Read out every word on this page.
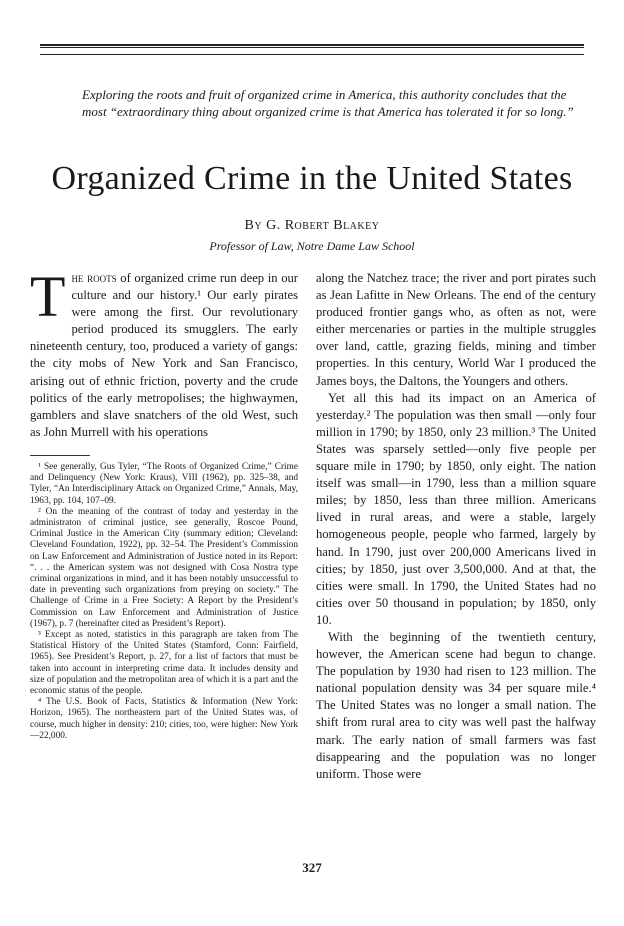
Exploring the roots and fruit of organized crime in America, this authority concludes that the most “extraordinary thing about organized crime is that America has tolerated it for so long.”

Organized Crime in the United States

By G. Robert Blakey

Professor of Law, Notre Dame Law School

The roots of organized crime run deep in our culture and our history.¹ Our early pirates were among the first. Our revolutionary period produced its smugglers. The early nineteenth century, too, produced a variety of gangs: the city mobs of New York and San Francisco, arising out of ethnic friction, poverty and the crude politics of the early metropolises; the highwaymen, gamblers and slave snatchers of the old West, such as John Murrell with his operations

¹ See generally, Gus Tyler, “The Roots of Organized Crime,” Crime and Delinquency (New York: Kraus), VIII (1962), pp. 325–38, and Tyler, “An Interdisciplinary Attack on Organized Crime,” Annals, May, 1963, pp. 104, 107–09.

² On the meaning of the contrast of today and yesterday in the administraton of criminal justice, see generally, Roscoe Pound, Criminal Justice in the American City (summary edition; Cleveland: Cleveland Foundation, 1922), pp. 32–54. The President’s Commission on Law Enforcement and Administration of Justice noted in its Report: “. . . the American system was not designed with Cosa Nostra type criminal organizations in mind, and it has been notably unsuccessful to date in preventing such organizations from preying on society.” The Challenge of Crime in a Free Society: A Report by the President’s Commission on Law Enforcement and Administration of Justice (1967), p. 7 (hereinafter cited as President’s Report).

³ Except as noted, statistics in this paragraph are taken from The Statistical History of the United States (Stamford, Conn: Fairfield, 1965). See President’s Report, p. 27, for a list of factors that must be taken into account in interpreting crime data. It includes density and size of population and the metropolitan area of which it is a part and the economic status of the people.

⁴ The U.S. Book of Facts, Statistics & Information (New York: Horizon, 1965). The northeastern part of the United States was, of course, much higher in density: 210; cities, too, were higher: New York—22,000.

along the Natchez trace; the river and port pirates such as Jean Lafitte in New Orleans. The end of the century produced frontier gangs who, as often as not, were either mercenaries or parties in the multiple struggles over land, cattle, grazing fields, mining and timber properties. In this century, World War I produced the James boys, the Daltons, the Youngers and others.

Yet all this had its impact on an America of yesterday.² The population was then small —only four million in 1790; by 1850, only 23 million.³ The United States was sparsely settled—only five people per square mile in 1790; by 1850, only eight. The nation itself was small—in 1790, less than a million square miles; by 1850, less than three million. Americans lived in rural areas, and were a stable, largely homogeneous people, people who farmed, largely by hand. In 1790, just over 200,000 Americans lived in cities; by 1850, just over 3,500,000. And at that, the cities were small. In 1790, the United States had no cities over 50 thousand in population; by 1850, only 10.

With the beginning of the twentieth century, however, the American scene had begun to change. The population by 1930 had risen to 123 million. The national population density was 34 per square mile.⁴ The United States was no longer a small nation. The shift from rural area to city was well past the halfway mark. The early nation of small farmers was fast disappearing and the population was no longer uniform. Those were

327
